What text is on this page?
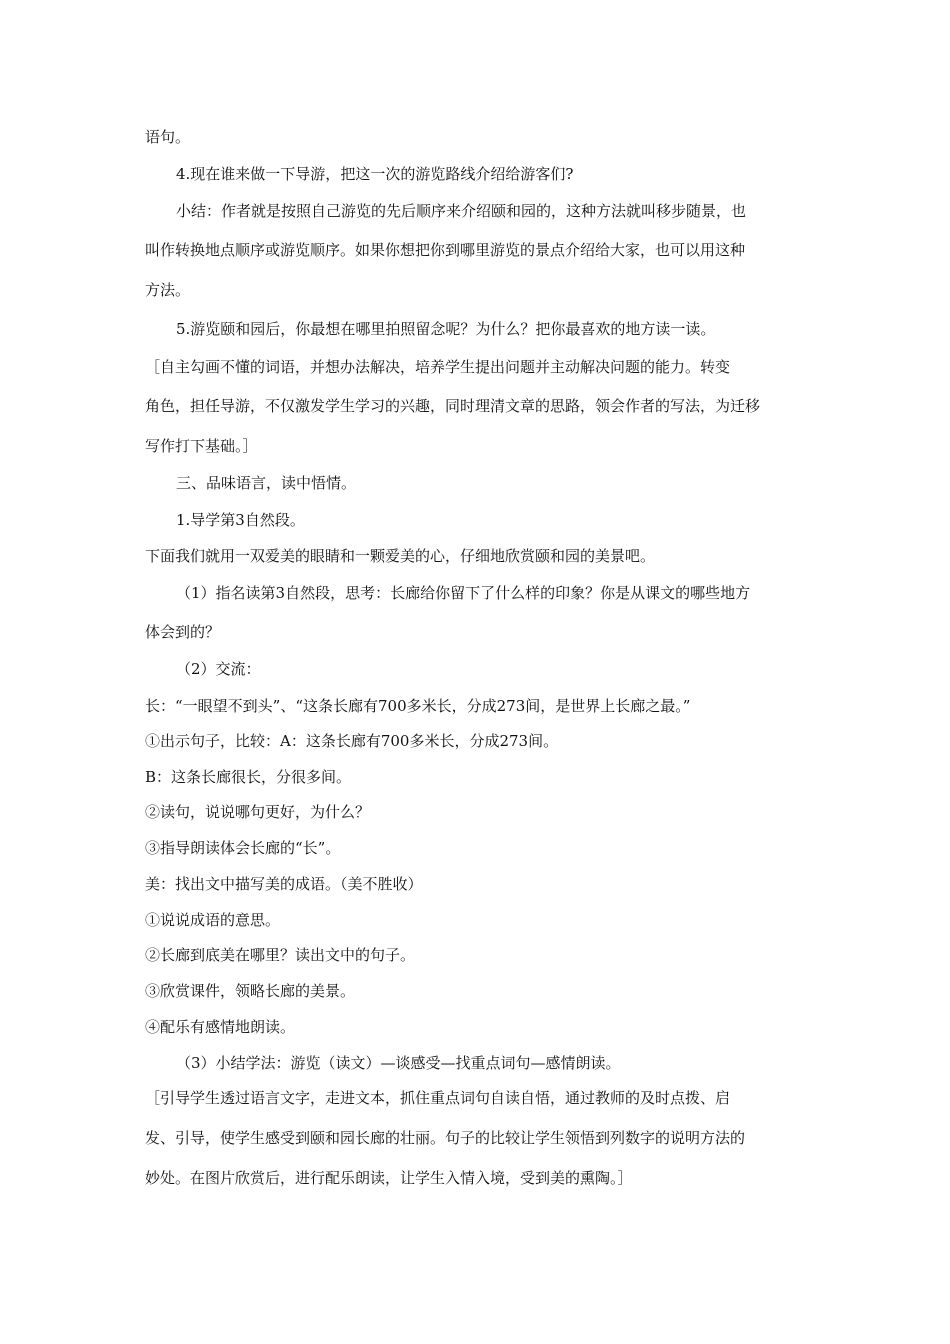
语句。
4.现在谁来做一下导游，把这一次的游览路线介绍给游客们?
小结：作者就是按照自己游览的先后顺序来介绍颐和园的，这种方法就叫移步随景，也
叫作转换地点顺序或游览顺序。如果你想把你到哪里游览的景点介绍给大家，也可以用这种
方法。
5.游览颐和园后，你最想在哪里拍照留念呢？为什么？把你最喜欢的地方读一读。
［自主勾画不懂的词语，并想办法解决，培养学生提出问题并主动解决问题的能力。转变
角色，担任导游，不仅激发学生学习的兴趣，同时理清文章的思路，领会作者的写法，为迁移
写作打下基础。］
三、品味语言，读中悟情。
1.导学第3自然段。
下面我们就用一双爱美的眼睛和一颗爱美的心，仔细地欣赏颐和园的美景吧。
（1）指名读第3自然段，思考：长廊给你留下了什么样的印象？你是从课文的哪些地方
体会到的？
（2）交流：
长：“一眼望不到头”、“这条长廊有700多米长，分成273间，是世界上长廊之最。”
①出示句子，比较：A：这条长廊有700多米长，分成273间。
B：这条长廊很长，分很多间。
②读句，说说哪句更好，为什么？
③指导朗读体会长廊的“长”。
美：找出文中描写美的成语。（美不胜收）
①说说成语的意思。
②长廊到底美在哪里？读出文中的句子。
③欣赏课件，领略长廊的美景。
④配乐有感情地朗读。
（3）小结学法：游览（读文）—谈感受—找重点词句—感情朗读。
［引导学生透过语言文字，走进文本，抓住重点词句自读自悟，通过教师的及时点拨、启
发、引导，使学生感受到颐和园长廊的壮丽。句子的比较让学生领悟到列数字的说明方法的
妙处。在图片欣赏后，进行配乐朗读，让学生入情入境，受到美的熏陶。］
